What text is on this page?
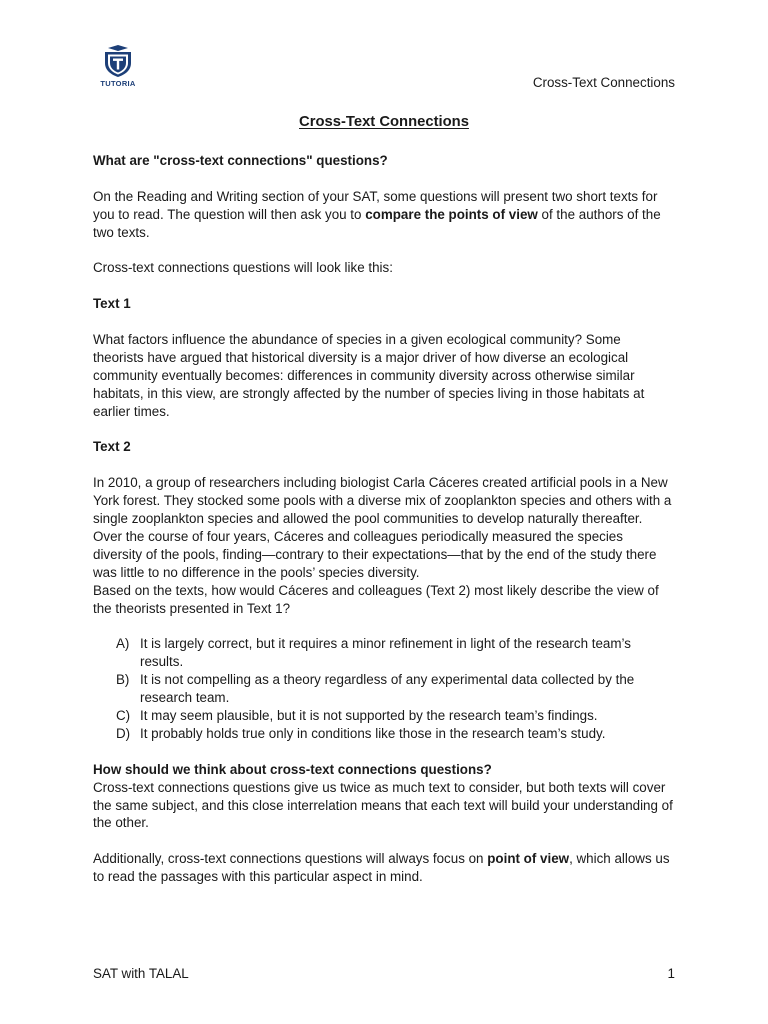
TUTORIA	Cross-Text Connections
Cross-Text Connections

What are "cross-text connections" questions?

On the Reading and Writing section of your SAT, some questions will present two short texts for you to read. The question will then ask you to compare the points of view of the authors of the two texts.

Cross-text connections questions will look like this:

Text 1

What factors influence the abundance of species in a given ecological community? Some theorists have argued that historical diversity is a major driver of how diverse an ecological community eventually becomes: differences in community diversity across otherwise similar habitats, in this view, are strongly affected by the number of species living in those habitats at earlier times.

Text 2

In 2010, a group of researchers including biologist Carla Cáceres created artificial pools in a New York forest. They stocked some pools with a diverse mix of zooplankton species and others with a single zooplankton species and allowed the pool communities to develop naturally thereafter. Over the course of four years, Cáceres and colleagues periodically measured the species diversity of the pools, finding—contrary to their expectations—that by the end of the study there was little to no difference in the pools’ species diversity.

Based on the texts, how would Cáceres and colleagues (Text 2) most likely describe the view of the theorists presented in Text 1?

A) It is largely correct, but it requires a minor refinement in light of the research team’s results.
B) It is not compelling as a theory regardless of any experimental data collected by the research team.
C) It may seem plausible, but it is not supported by the research team’s findings.
D) It probably holds true only in conditions like those in the research team’s study.

How should we think about cross-text connections questions?

Cross-text connections questions give us twice as much text to consider, but both texts will cover the same subject, and this close interrelation means that each text will build your understanding of the other.

Additionally, cross-text connections questions will always focus on point of view, which allows us to read the passages with this particular aspect in mind.

SAT with TALAL	1
